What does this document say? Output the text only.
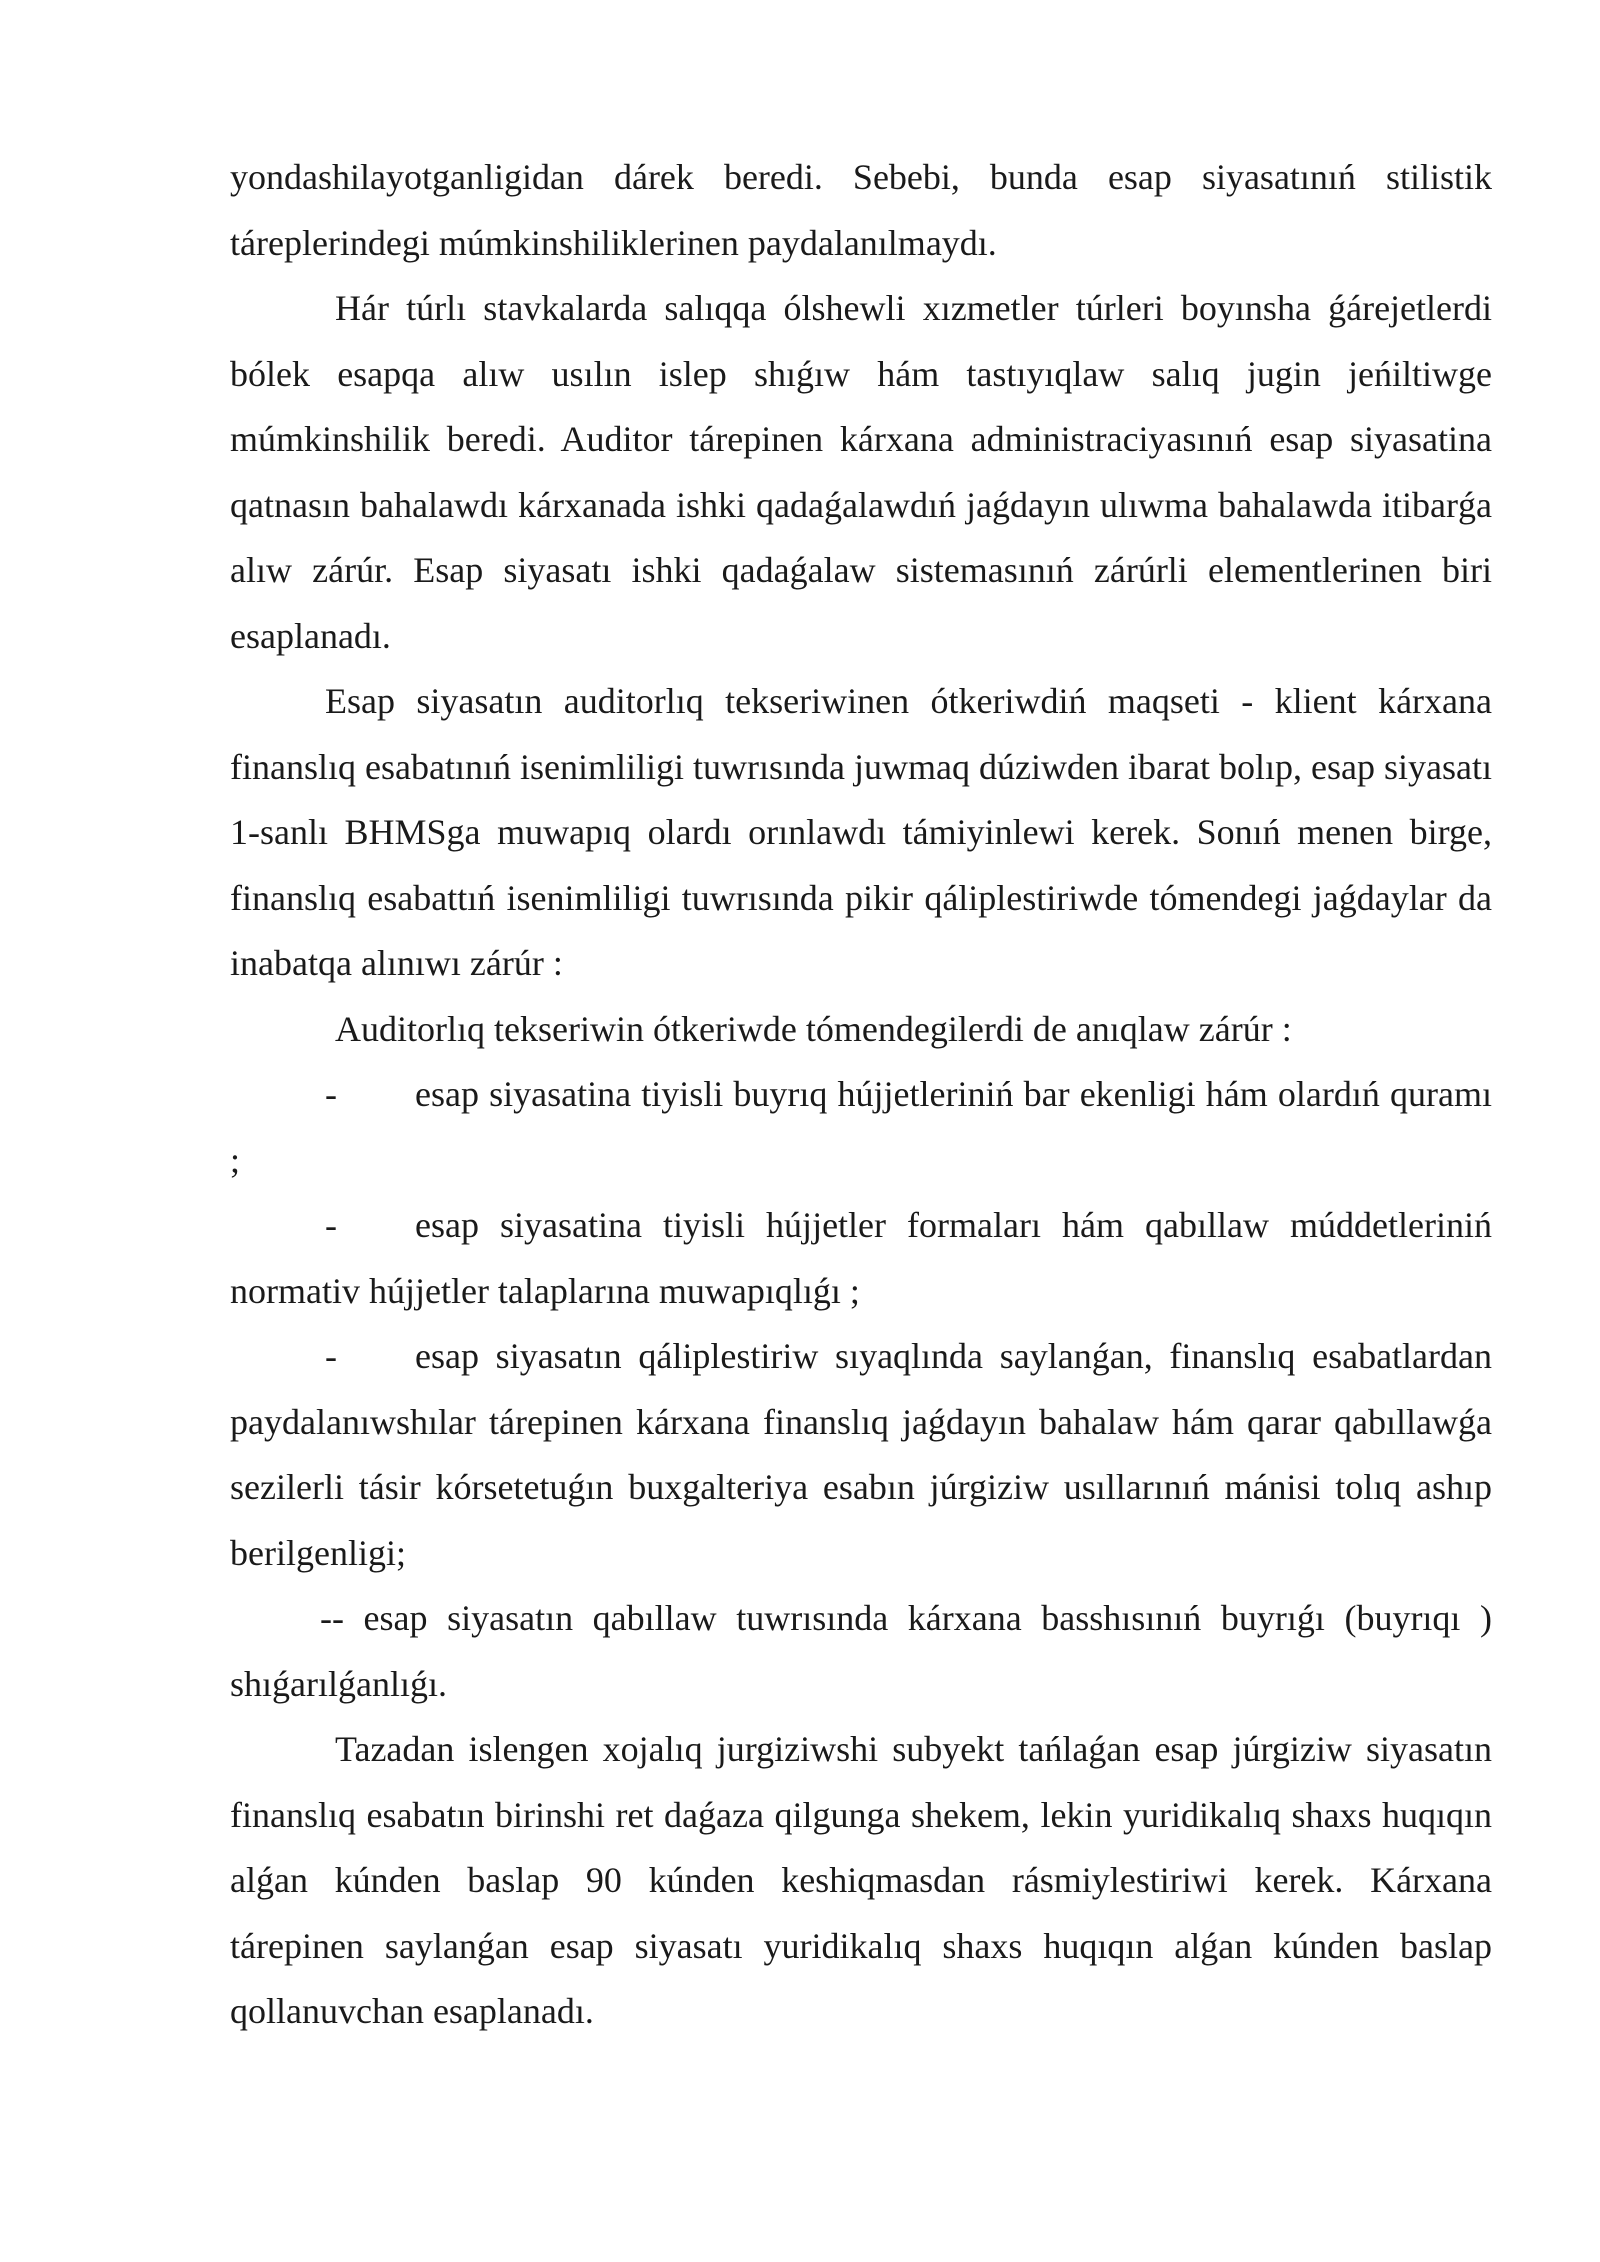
yondashilayotganligidan dárek beredi. Sebebi, bunda esap siyasatınıń stilistik táreplerindegi múmkinshiliklerinen paydalanılmaydı.

Hár túrlı stavkalarda salıqqa ólshewli xızmetler túrleri boyınsha ǵárejetlerdi bólek esapqa alıw usılın islep shıǵıw hám tastıyıqlaw salıq jugin jeńiltiwge múmkinshilik beredi. Auditor tárepinen kárxana administraciyasınıń esap siyasatina qatnasın bahalawdı kárxanada ishki qadaǵalawdıń jaǵdayın ulıwma bahalawda itibarǵa alıw zárúr. Esap siyasatı ishki qadaǵalaw sistemasınıń zárúrli elementlerinen biri esaplanadı.

Esap siyasatın auditorlıq tekseriwinen ótkeriwdiń maqseti - klient kárxana finanslıq esabatınıń isenimliligi tuwrısında juwmaq dúziwden ibarat bolıp, esap siyasatı 1-sanlı BHMSga muwapıq olardı orınlawdı támiyinlewi kerek. Sonıń menen birge, finanslıq esabattıń isenimliligi tuwrısında pikir qáliplestiriwde tómendegi jaǵdaylar da inabatqa alınıwı zárúr :

Auditorlıq tekseriwin ótkeriwde tómendegilerdi de anıqlaw zárúr :

- esap siyasatina tiyisli buyrıq hújjetleriniń bar ekenligi hám olardıń quramı ;

- esap siyasatina tiyisli hújjetler formaları hám qabıllaw múddetleriniń normativ hújjetler talaplarına muwapıqlıǵı ;

- esap siyasatın qáliplestiriw sıyaqlında saylanǵan, finanslıq esabatlardan paydalanıwshılar tárepinen kárxana finanslıq jaǵdayın bahalaw hám qarar qabıllawǵa sezilerli tásir kórsetetuǵın buxgalteriya esabın júrgiziw usıllarınıń mánisi tolıq ashıp berilgenligi;

-- esap siyasatın qabıllaw tuwrısında kárxana basshısınıń buyrıǵı (buyrıqı ) shıǵarılǵanlıǵı.

Tazadan islengen xojalıq jurgiziwshi subyekt tańlaǵan esap júrgiziw siyasatın finanslıq esabatın birinshi ret daǵaza qilgunga shekem, lekin yuridikalıq shaxs huqıqın alǵan kúnden baslap 90 kúnden keshiqmasdan rásmiylestiriwi kerek. Kárxana tárepinen saylanǵan esap siyasatı yuridikalıq shaxs huqıqın alǵan kúnden baslap qollanuvchan esaplanadı.
